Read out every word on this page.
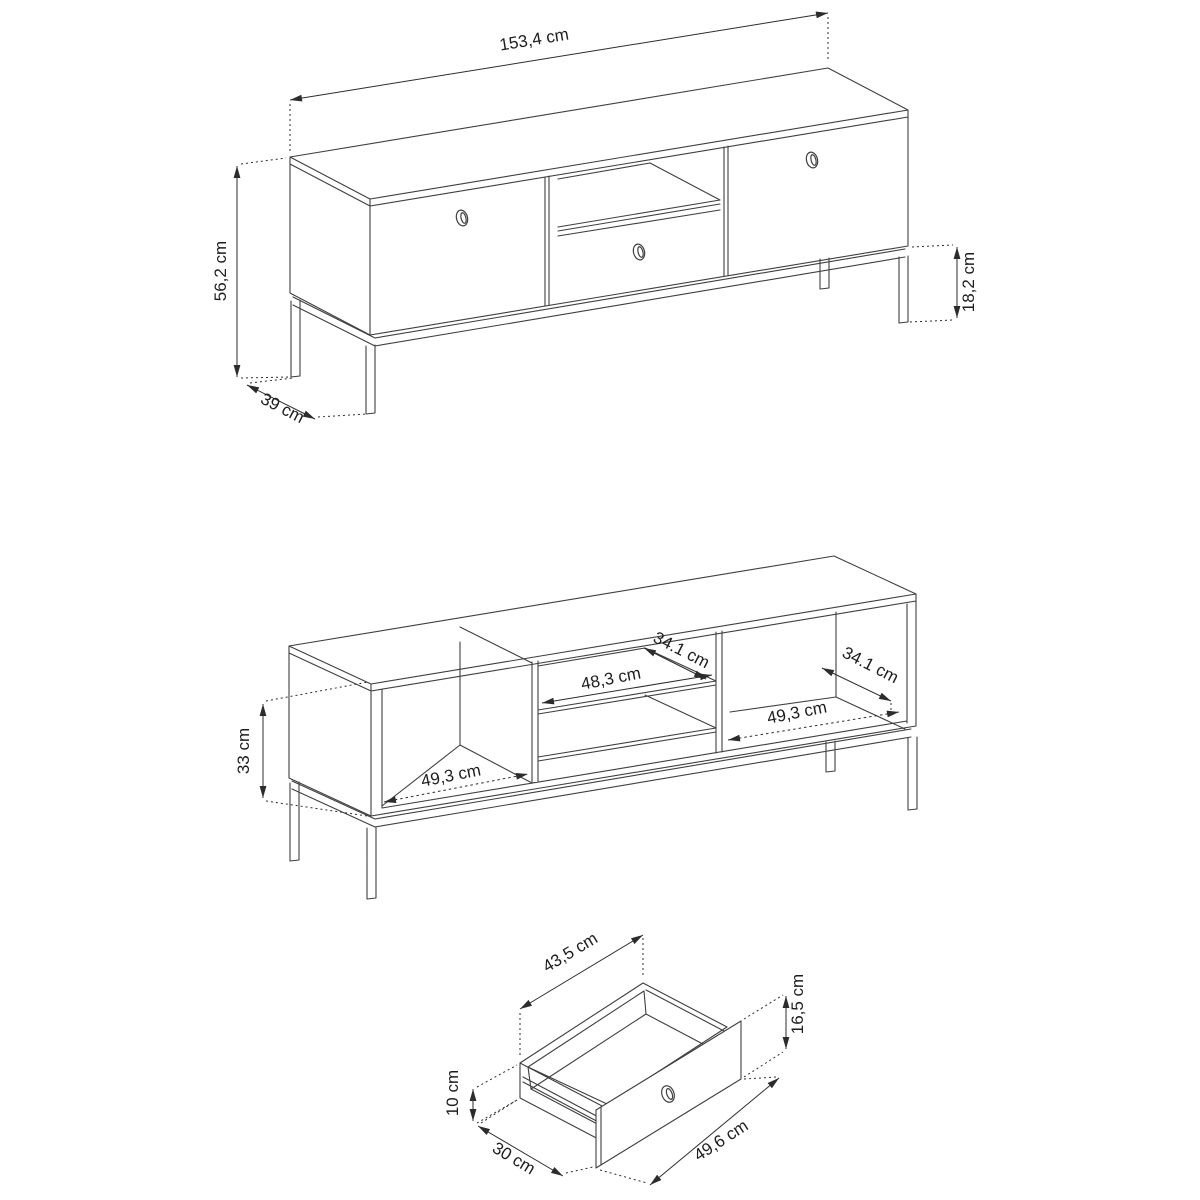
153,4 cm
56,2 cm
39 cm
18,2 cm
33 cm
49,3 cm
48,3 cm
34.1 cm	34.1 cm
49,3 cm
43,5 cm
10 cm
30 cm
16,5 cm
49,6 cm
